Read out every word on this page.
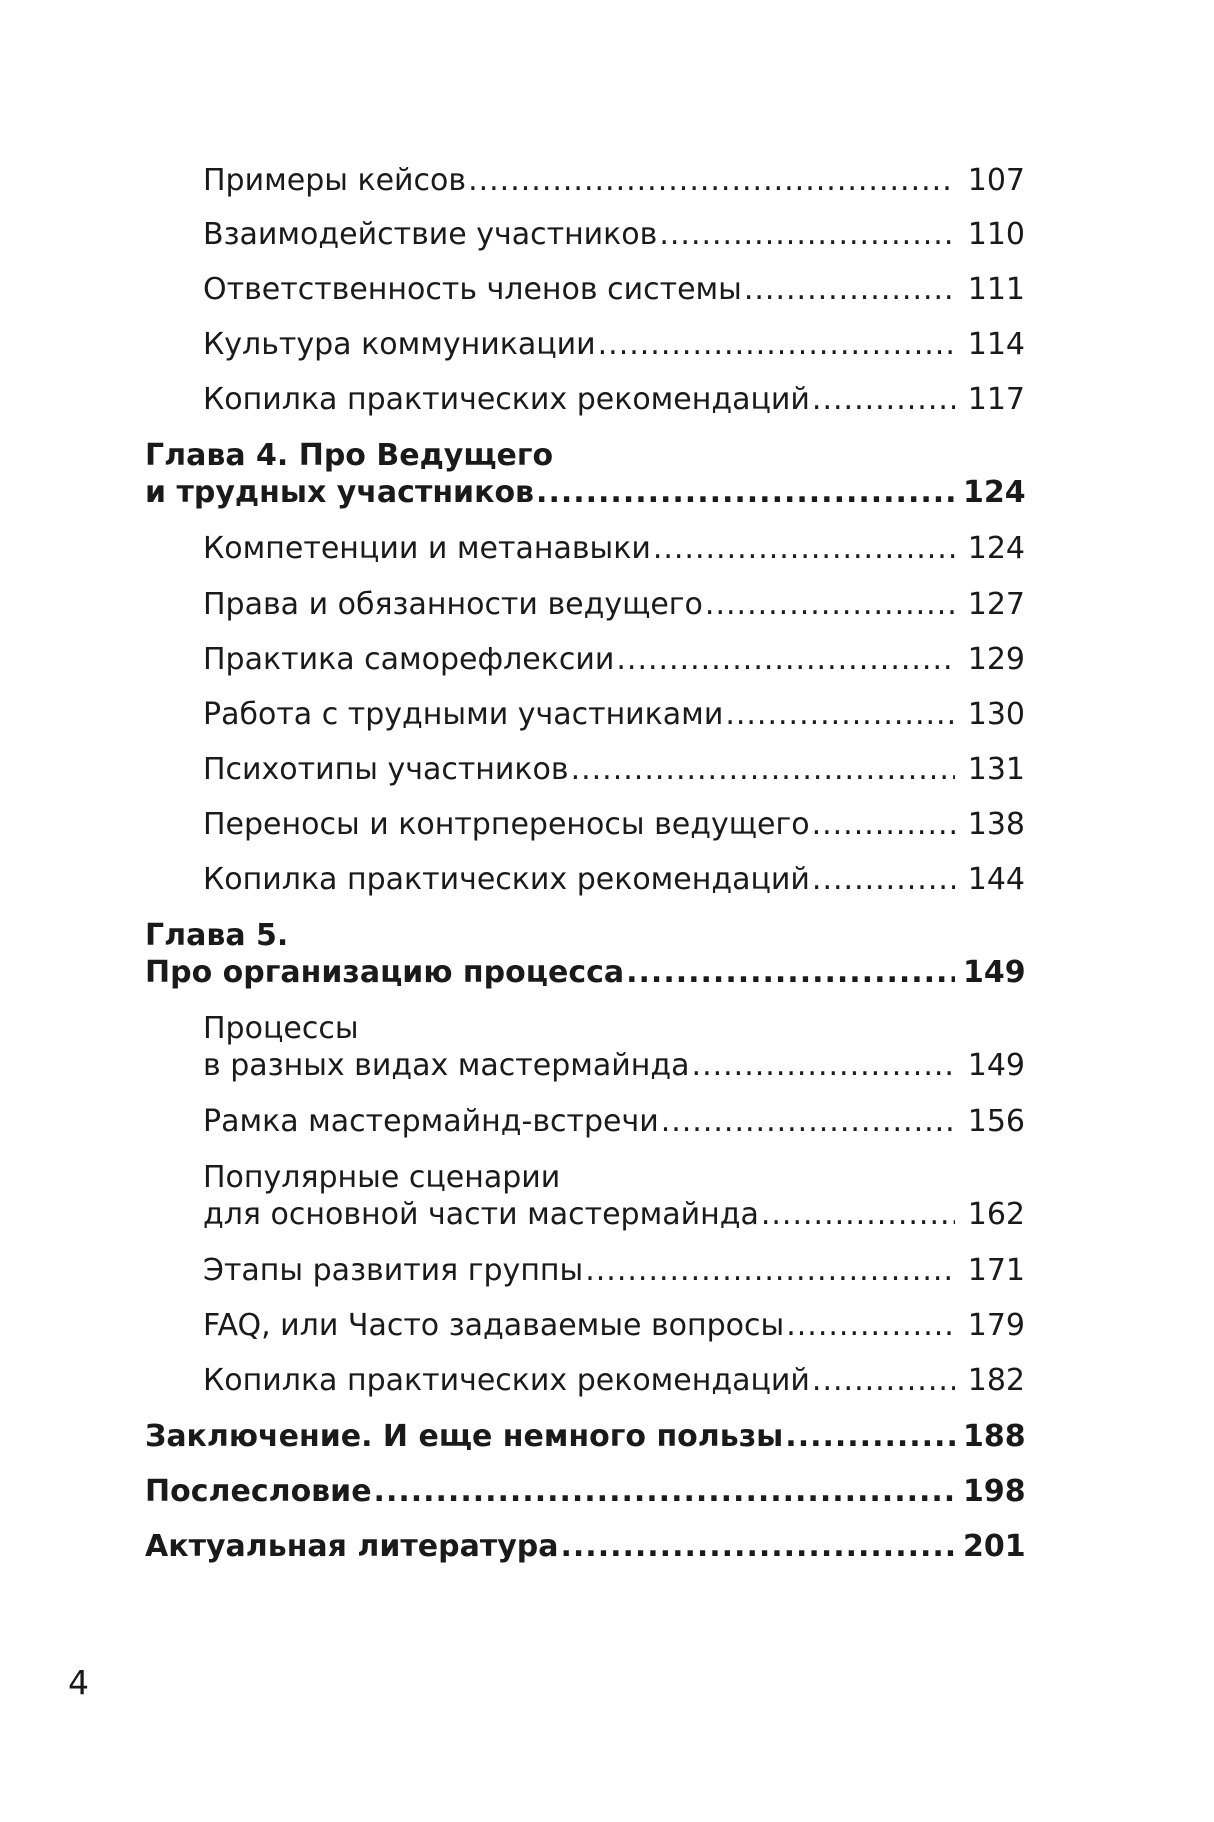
Примеры кейсов .....	107
Взаимодействие участников .....	110
Ответственность членов системы .....	111
Культура коммуникации .....	114
Копилка практических рекомендаций .....	117
Глава 4. Про Ведущего
и трудных участников .....	124
Компетенции и метанавыки .....	124
Права и обязанности ведущего .....	127
Практика саморефлексии .....	129
Работа с трудными участниками .....	130
Психотипы участников .....	131
Переносы и контрпереносы ведущего .....	138
Копилка практических рекомендаций .....	144
Глава 5.
Про организацию процесса .....	149
Процессы
в разных видах мастермайнда .....	149
Рамка мастермайнд-встречи .....	156
Популярные сценарии
для основной части мастермайнда .....	162
Этапы развития группы .....	171
FAQ, или Часто задаваемые вопросы .....	179
Копилка практических рекомендаций .....	182
Заключение. И еще немного пользы .....	188
Послесловие .....	198
Актуальная литература .....	201
4
